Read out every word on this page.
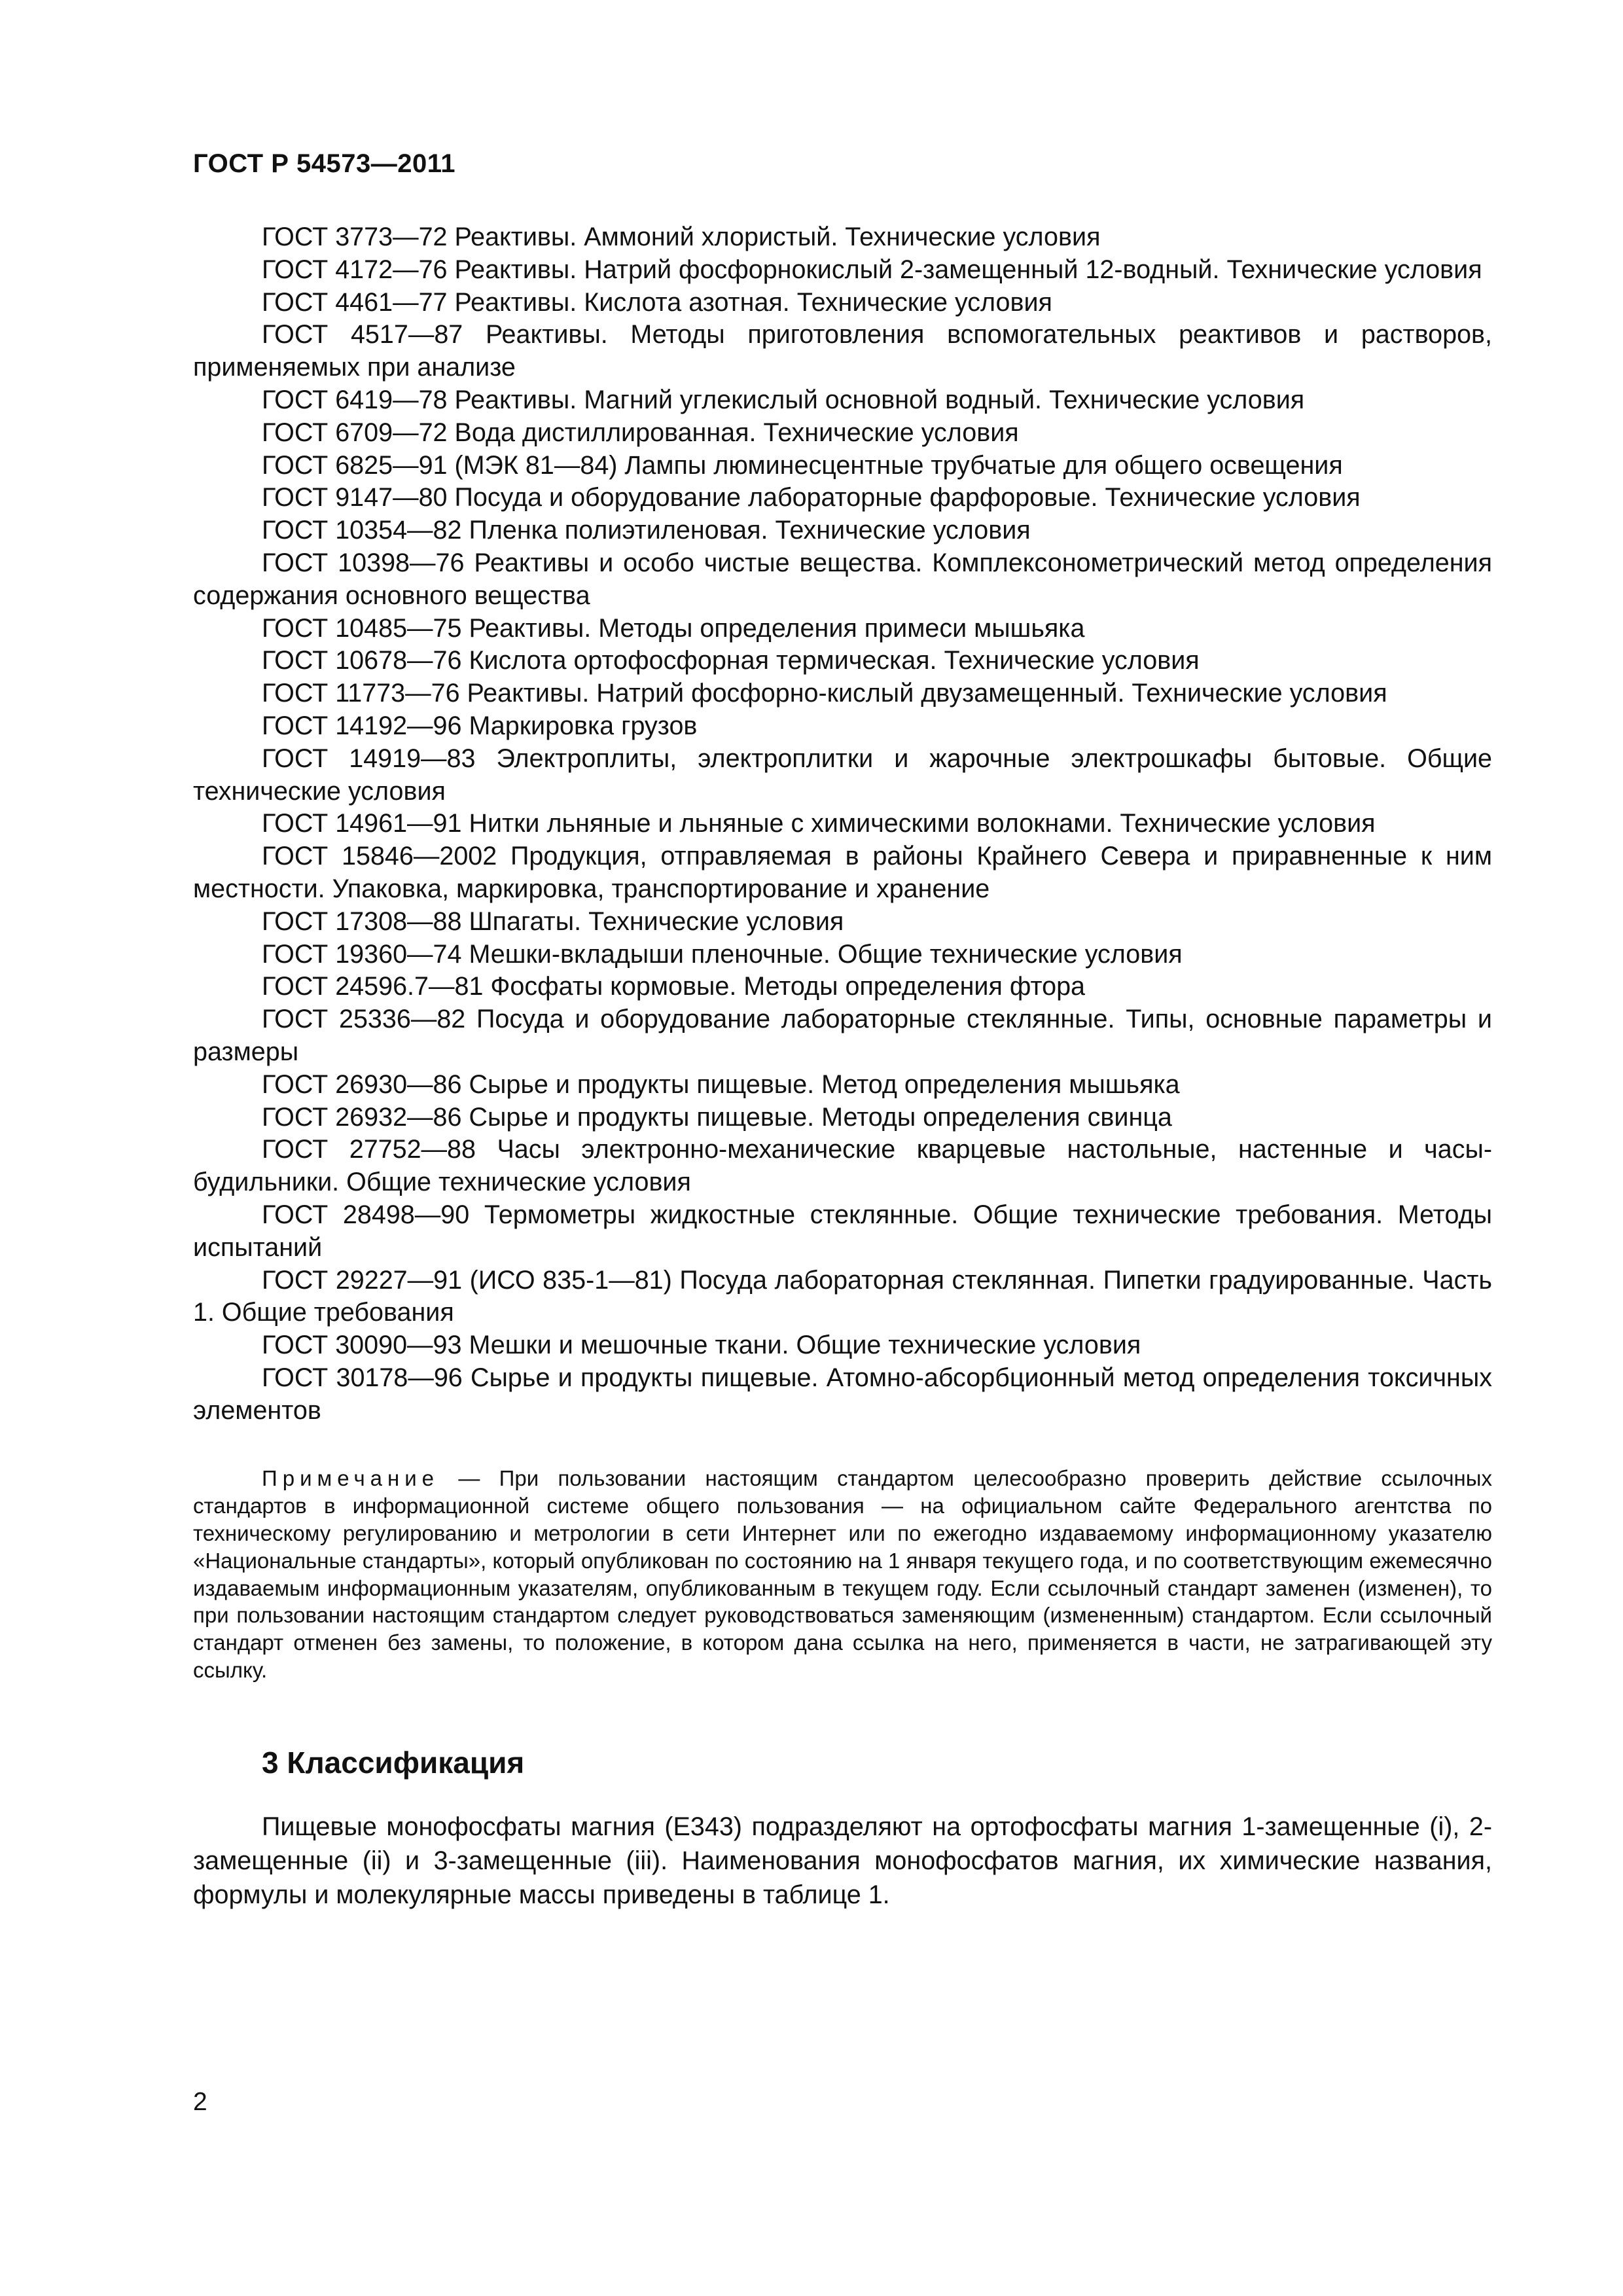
ГОСТ Р 54573—2011

ГОСТ 3773—72 Реактивы. Аммоний хлористый. Технические условия

ГОСТ 4172—76 Реактивы. Натрий фосфорнокислый 2-замещенный 12-водный. Технические условия

ГОСТ 4461—77 Реактивы. Кислота азотная. Технические условия

ГОСТ 4517—87 Реактивы. Методы приготовления вспомогательных реактивов и растворов, применяемых при анализе

ГОСТ 6419—78 Реактивы. Магний углекислый основной водный. Технические условия

ГОСТ 6709—72 Вода дистиллированная. Технические условия

ГОСТ 6825—91 (МЭК 81—84) Лампы люминесцентные трубчатые для общего освещения

ГОСТ 9147—80 Посуда и оборудование лабораторные фарфоровые. Технические условия

ГОСТ 10354—82 Пленка полиэтиленовая. Технические условия

ГОСТ 10398—76 Реактивы и особо чистые вещества. Комплексонометрический метод определения содержания основного вещества

ГОСТ 10485—75 Реактивы. Методы определения примеси мышьяка

ГОСТ 10678—76 Кислота ортофосфорная термическая. Технические условия

ГОСТ 11773—76 Реактивы. Натрий фосфорно-кислый двузамещенный. Технические условия

ГОСТ 14192—96 Маркировка грузов

ГОСТ 14919—83 Электроплиты, электроплитки и жарочные электрошкафы бытовые. Общие технические условия

ГОСТ 14961—91 Нитки льняные и льняные с химическими волокнами. Технические условия

ГОСТ 15846—2002 Продукция, отправляемая в районы Крайнего Севера и приравненные к ним местности. Упаковка, маркировка, транспортирование и хранение

ГОСТ 17308—88 Шпагаты. Технические условия

ГОСТ 19360—74 Мешки-вкладыши пленочные. Общие технические условия

ГОСТ 24596.7—81 Фосфаты кормовые. Методы определения фтора

ГОСТ 25336—82 Посуда и оборудование лабораторные стеклянные. Типы, основные параметры и размеры

ГОСТ 26930—86 Сырье и продукты пищевые. Метод определения мышьяка

ГОСТ 26932—86 Сырье и продукты пищевые. Методы определения свинца

ГОСТ 27752—88 Часы электронно-механические кварцевые настольные, настенные и часы-будильники. Общие технические условия

ГОСТ 28498—90 Термометры жидкостные стеклянные. Общие технические требования. Методы испытаний

ГОСТ 29227—91 (ИСО 835-1—81) Посуда лабораторная стеклянная. Пипетки градуированные. Часть 1. Общие требования

ГОСТ 30090—93 Мешки и мешочные ткани. Общие технические условия

ГОСТ 30178—96 Сырье и продукты пищевые. Атомно-абсорбционный метод определения токсичных элементов

Примечание — При пользовании настоящим стандартом целесообразно проверить действие ссылочных стандартов в информационной системе общего пользования — на официальном сайте Федерального агентства по техническому регулированию и метрологии в сети Интернет или по ежегодно издаваемому информационному указателю «Национальные стандарты», который опубликован по состоянию на 1 января текущего года, и по соответствующим ежемесячно издаваемым информационным указателям, опубликованным в текущем году. Если ссылочный стандарт заменен (изменен), то при пользовании настоящим стандартом следует руководствоваться заменяющим (измененным) стандартом. Если ссылочный стандарт отменен без замены, то положение, в котором дана ссылка на него, применяется в части, не затрагивающей эту ссылку.

3 Классификация

Пищевые монофосфаты магния (Е343) подразделяют на ортофосфаты магния 1-замещенные (i), 2-замещенные (ii) и 3-замещенные (iii). Наименования монофосфатов магния, их химические названия, формулы и молекулярные массы приведены в таблице 1.

2
